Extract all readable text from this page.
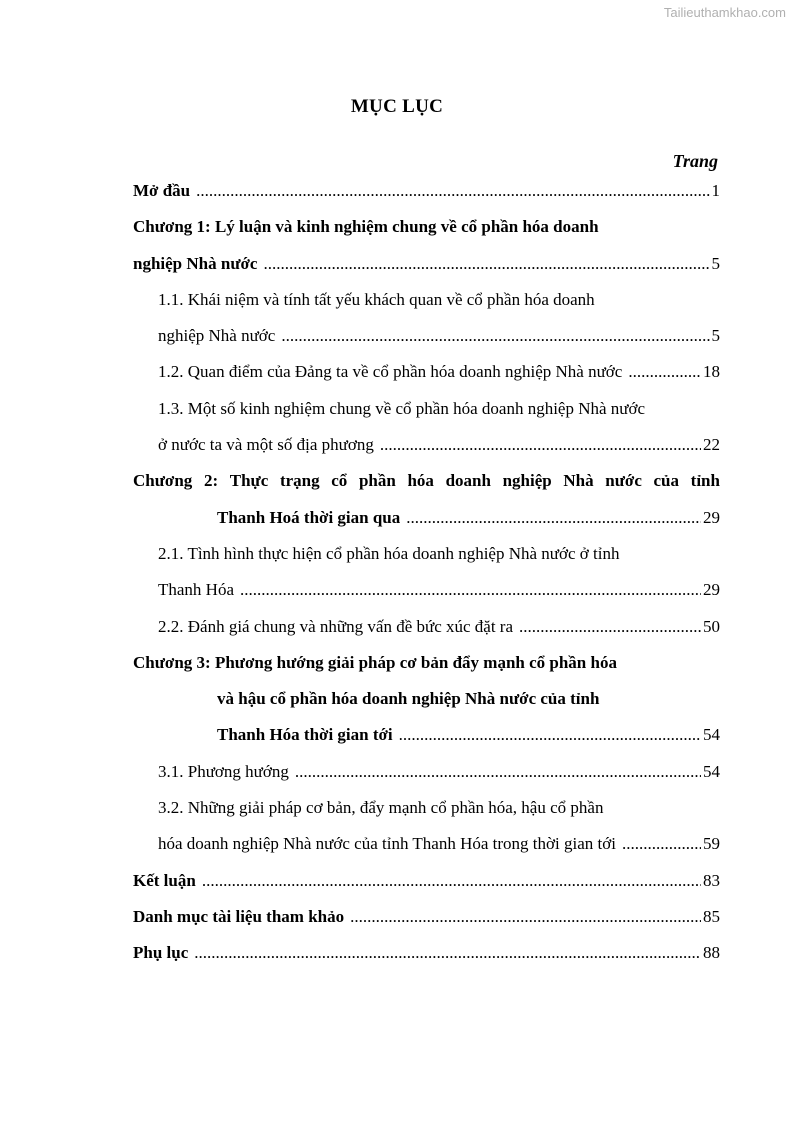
Tailieuthamkhao.com
MỤC LỤC
Trang
Mở đầu .....	1
Chương 1: Lý luận và kinh nghiệm chung về cổ phần hóa doanh
nghiệp Nhà nước .....	5
1.1. Khái niệm và tính tất yếu khách quan về cổ phần hóa doanh
nghiệp Nhà nước .....	5
1.2. Quan điểm của Đảng ta về cổ phần hóa doanh nghiệp Nhà nước .....	18
1.3. Một số kinh nghiệm chung về cổ phần hóa doanh nghiệp Nhà nước
ở nước ta và một số địa phương .....	22
Chương 2: Thực trạng cổ phần hóa doanh nghiệp Nhà nước của tỉnh
Thanh Hoá thời gian qua .....	29
2.1. Tình hình thực hiện cổ phần hóa doanh nghiệp Nhà nước ở tỉnh
Thanh Hóa .....	29
2.2. Đánh giá chung và những vấn đề bức xúc đặt ra .....	50
Chương 3: Phương hướng giải pháp cơ bản đẩy mạnh cổ phần hóa
và hậu cổ phần hóa doanh nghiệp Nhà nước của tỉnh
Thanh Hóa thời gian tới .....	54
3.1. Phương hướng .....	54
3.2. Những giải pháp cơ bản, đẩy mạnh cổ phần hóa, hậu cổ phần
hóa doanh nghiệp Nhà nước của tỉnh Thanh Hóa trong thời gian tới .....	59
Kết luận .....	83
Danh mục tài liệu tham khảo .....	85
Phụ lục .....	88
